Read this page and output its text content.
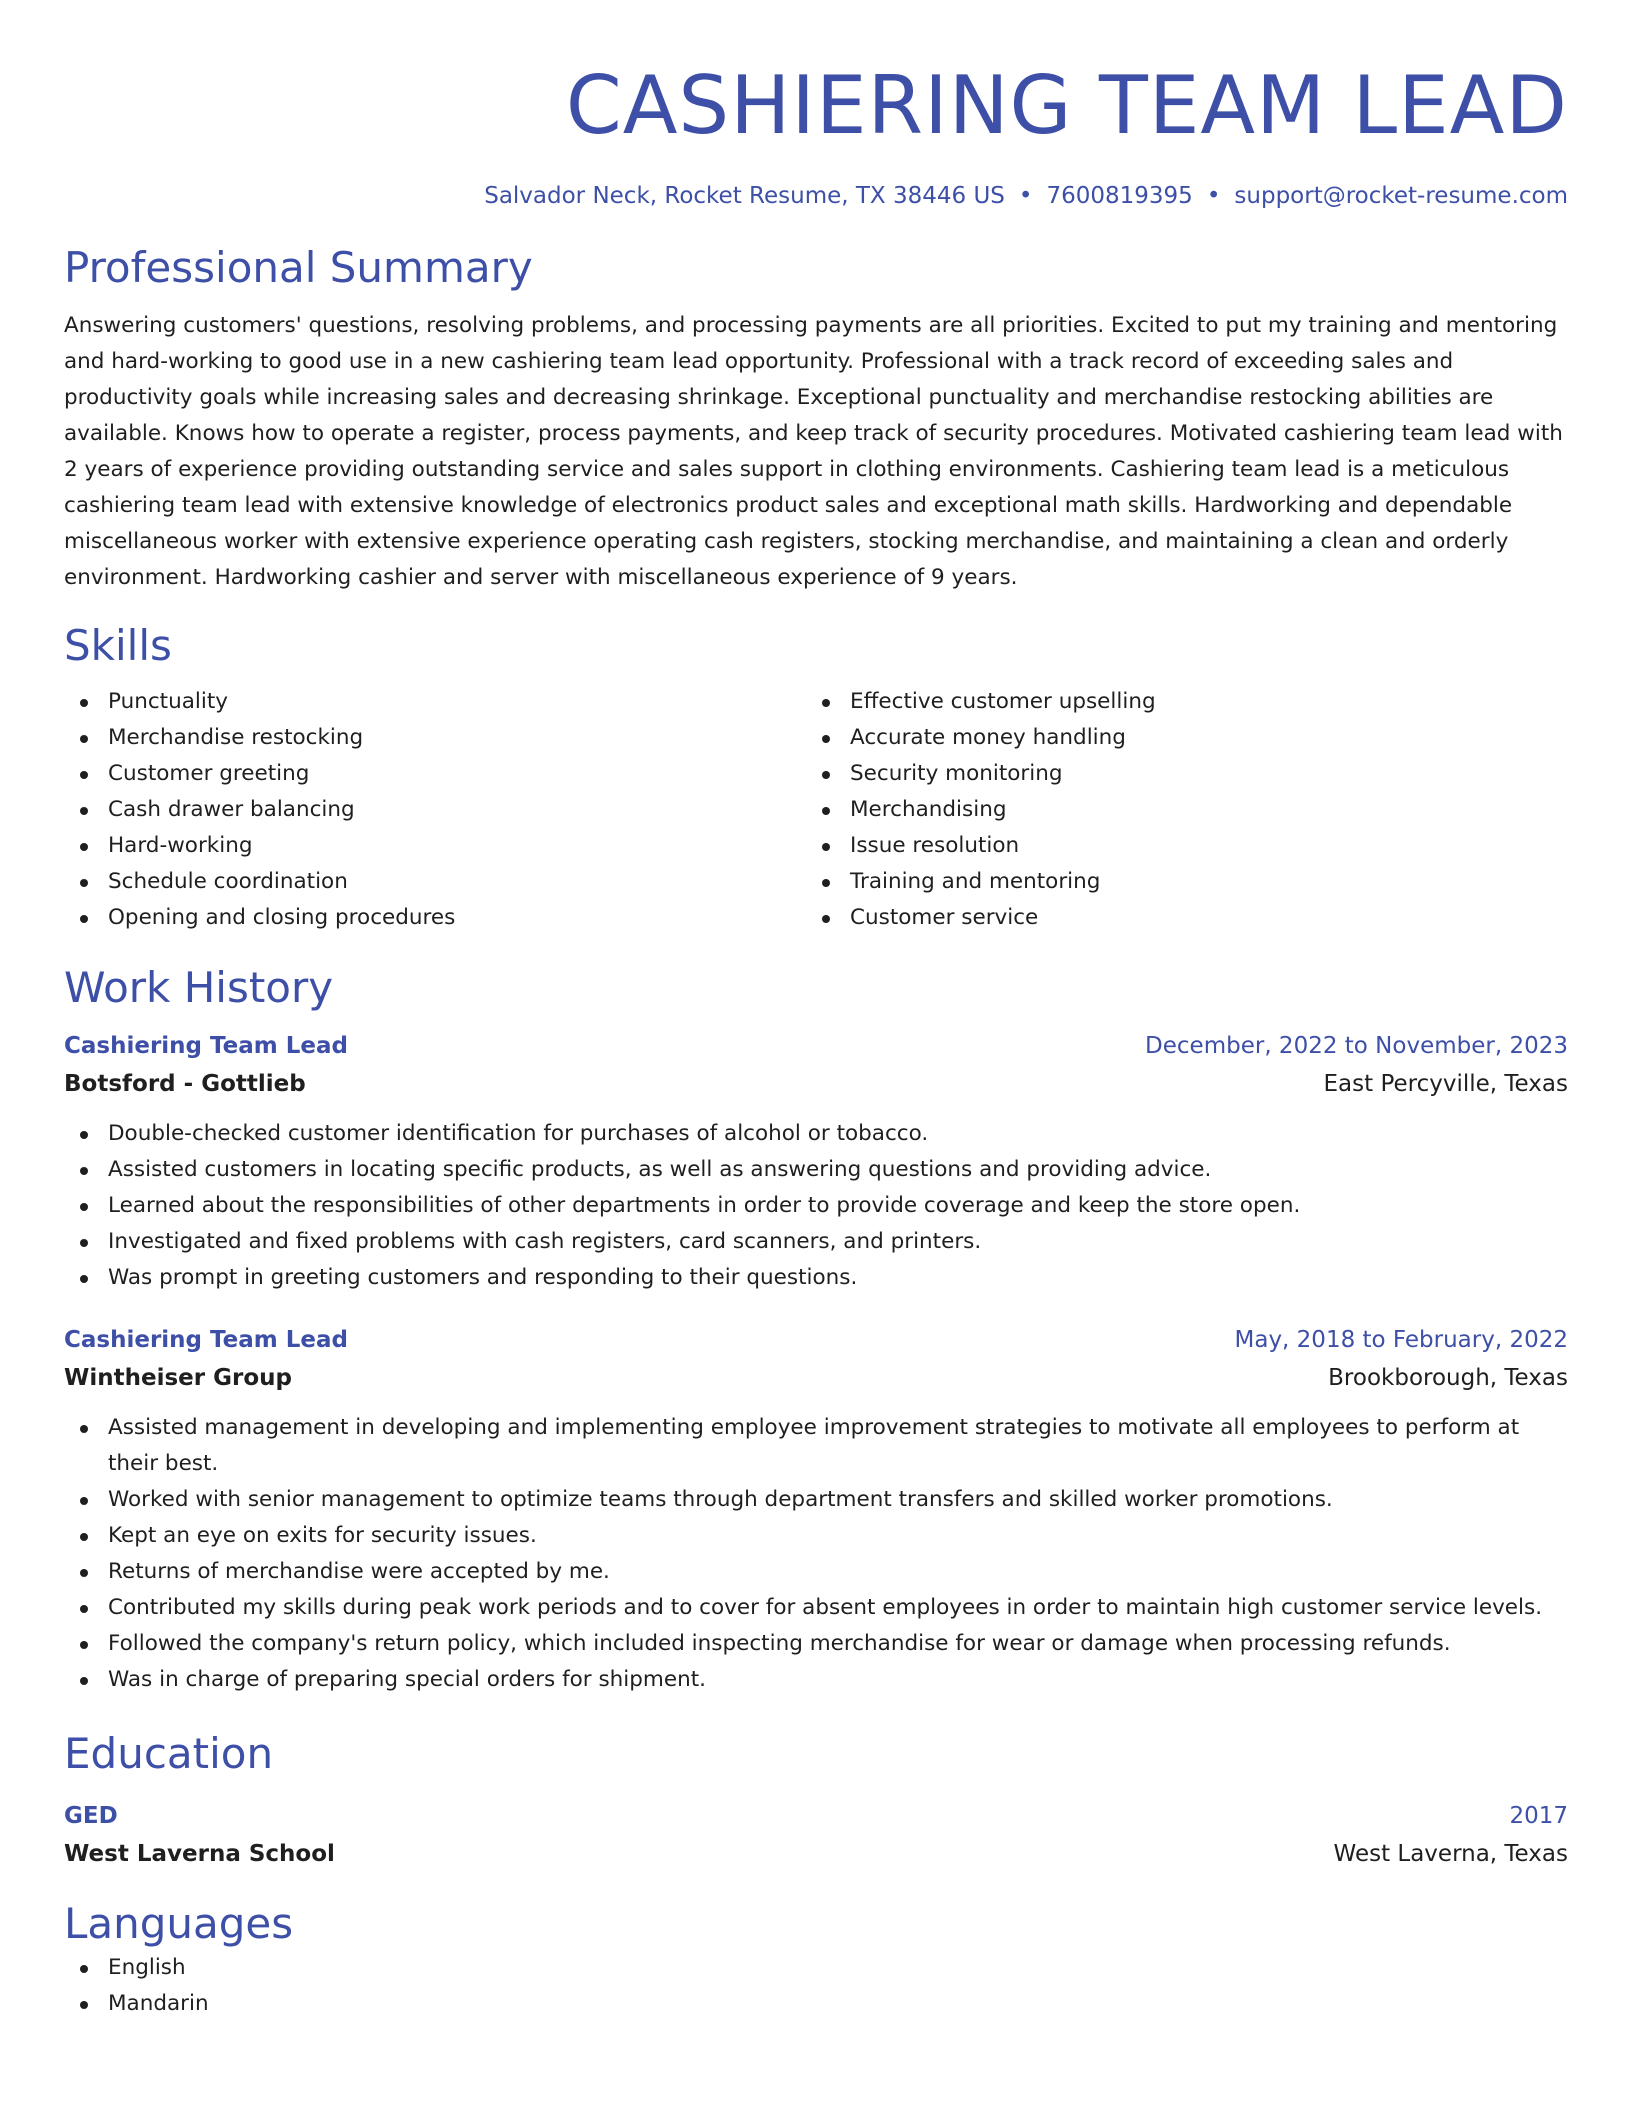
CASHIERING TEAM LEAD
Salvador Neck, Rocket Resume, TX 38446 US • 7600819395 • support@rocket-resume.com
Professional Summary
Answering customers' questions, resolving problems, and processing payments are all priorities. Excited to put my training and mentoring and hard-working to good use in a new cashiering team lead opportunity. Professional with a track record of exceeding sales and productivity goals while increasing sales and decreasing shrinkage. Exceptional punctuality and merchandise restocking abilities are available. Knows how to operate a register, process payments, and keep track of security procedures. Motivated cashiering team lead with 2 years of experience providing outstanding service and sales support in clothing environments. Cashiering team lead is a meticulous cashiering team lead with extensive knowledge of electronics product sales and exceptional math skills. Hardworking and dependable miscellaneous worker with extensive experience operating cash registers, stocking merchandise, and maintaining a clean and orderly environment. Hardworking cashier and server with miscellaneous experience of 9 years.
Skills
Punctuality
Merchandise restocking
Customer greeting
Cash drawer balancing
Hard-working
Schedule coordination
Opening and closing procedures
Effective customer upselling
Accurate money handling
Security monitoring
Merchandising
Issue resolution
Training and mentoring
Customer service
Work History
Cashiering Team Lead	December, 2022 to November, 2023
Botsford - Gottlieb	East Percyville, Texas
Double-checked customer identification for purchases of alcohol or tobacco.
Assisted customers in locating specific products, as well as answering questions and providing advice.
Learned about the responsibilities of other departments in order to provide coverage and keep the store open.
Investigated and fixed problems with cash registers, card scanners, and printers.
Was prompt in greeting customers and responding to their questions.
Cashiering Team Lead	May, 2018 to February, 2022
Wintheiser Group	Brookborough, Texas
Assisted management in developing and implementing employee improvement strategies to motivate all employees to perform at their best.
Worked with senior management to optimize teams through department transfers and skilled worker promotions.
Kept an eye on exits for security issues.
Returns of merchandise were accepted by me.
Contributed my skills during peak work periods and to cover for absent employees in order to maintain high customer service levels.
Followed the company's return policy, which included inspecting merchandise for wear or damage when processing refunds.
Was in charge of preparing special orders for shipment.
Education
GED	2017
West Laverna School	West Laverna, Texas
Languages
English
Mandarin
